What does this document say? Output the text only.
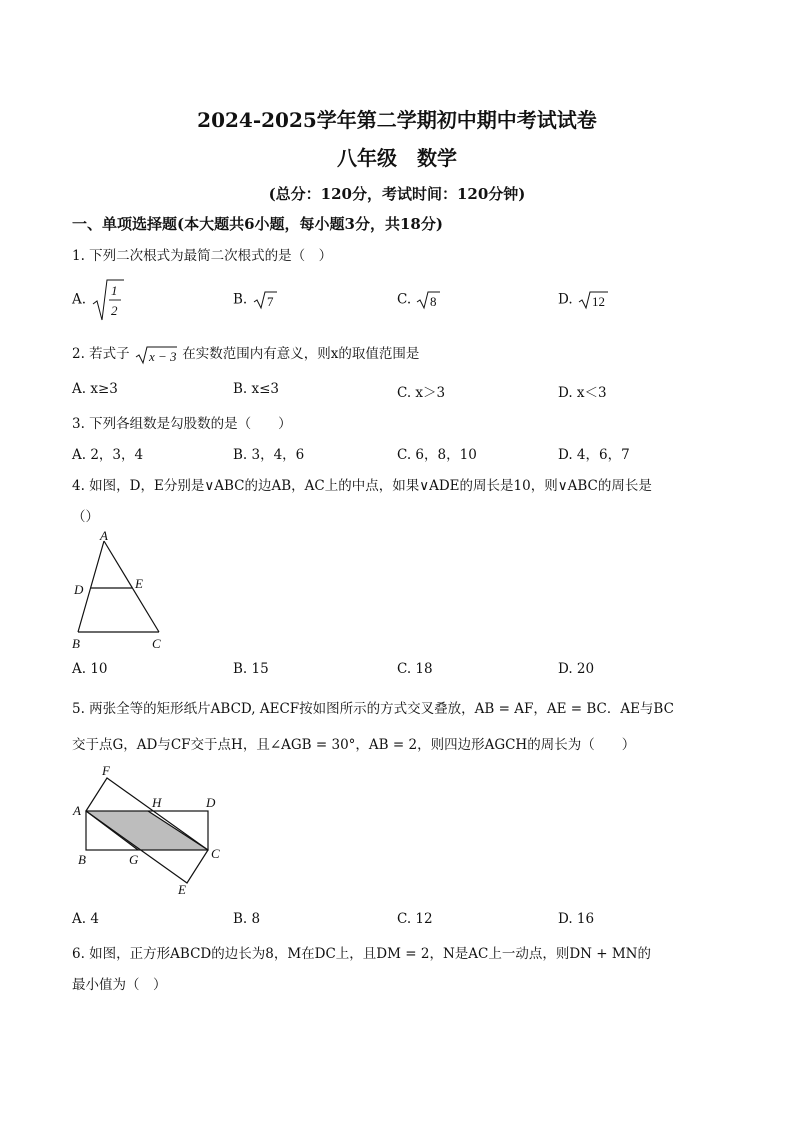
2024-2025学年第二学期初中期中考试试卷
八年级　数学
(总分：120分，考试时间：120分钟)
一、单项选择题(本大题共6小题，每小题3分，共18分)
1. 下列二次根式为最简二次根式的是（　）
A.
1
2
B. 7	C. 8	D. 12
2. 若式子 x − 3 在实数范围内有意义，则x的取值范围是
A. x≥3	B. x≤3	C. x＞3	D. x＜3
3. 下列各组数是勾股数的是（　　）
A. 2，3，4	B. 3，4，6	C. 6，8，10	D. 4，6，7
4. 如图，D，E分别是∨ABC的边AB，AC上的中点，如果∨ADE的周长是10，则∨ABC的周长是
（）
A
D	E
B	C
A. 10	B. 15	C. 18	D. 20
5. 两张全等的矩形纸片ABCD, AECF按如图所示的方式交叉叠放，AB = AF，AE = BC．AE与BC
交于点G，AD与CF交于点H，且∠AGB = 30°，AB = 2，则四边形AGCH的周长为（　　）
F
A
H	D
B	G	C
E
A. 4	B. 8	C. 12	D. 16
6. 如图，正方形ABCD的边长为8，M在DC上，且DM = 2，N是AC上一动点，则DN + MN的
最小值为（　）
